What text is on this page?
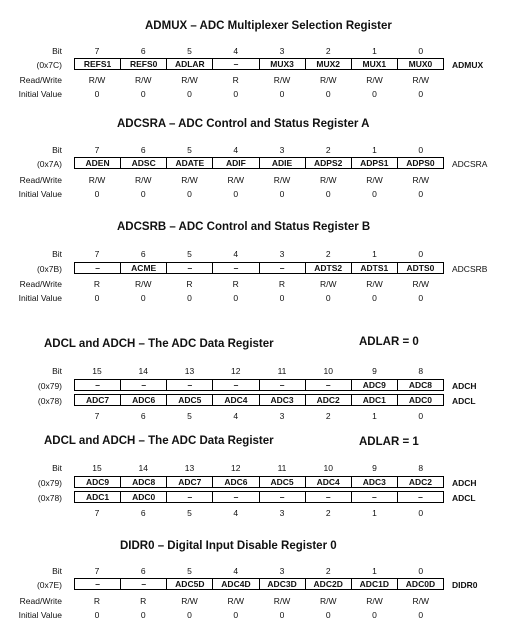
ADMUX – ADC Multiplexer Selection Register
Bit	7	6	5	4	3	2	1	0
(0x7C)	REFS1	REFS0	ADLAR	–	MUX3	MUX2	MUX1	MUX0	ADMUX
Read/Write	R/W	R/W	R/W	R	R/W	R/W	R/W	R/W
Initial Value	0	0	0	0	0	0	0	0
ADCSRA – ADC Control and Status Register A
Bit	7	6	5	4	3	2	1	0
(0x7A)	ADEN	ADSC	ADATE	ADIF	ADIE	ADPS2	ADPS1	ADPS0	ADCSRA
Read/Write	R/W	R/W	R/W	R/W	R/W	R/W	R/W	R/W
Initial Value	0	0	0	0	0	0	0	0
ADCSRB – ADC Control and Status Register B
Bit	7	6	5	4	3	2	1	0
(0x7B)	–	ACME	–	–	–	ADTS2	ADTS1	ADTS0	ADCSRB
Read/Write	R	R/W	R	R	R	R/W	R/W	R/W
Initial Value	0	0	0	0	0	0	0	0
ADCL and ADCH – The ADC Data Register	ADLAR = 0
Bit	15	14	13	12	11	10	9	8
(0x79)	–	–	–	–	–	–	ADC9	ADC8	ADCH
(0x78)	ADC7	ADC6	ADC5	ADC4	ADC3	ADC2	ADC1	ADC0	ADCL
7	6	5	4	3	2	1	0
ADCL and ADCH – The ADC Data Register	ADLAR = 1
Bit	15	14	13	12	11	10	9	8
(0x79)	ADC9	ADC8	ADC7	ADC6	ADC5	ADC4	ADC3	ADC2	ADCH
(0x78)	ADC1	ADC0	–	–	–	–	–	–	ADCL
7	6	5	4	3	2	1	0
DIDR0 – Digital Input Disable Register 0
Bit	7	6	5	4	3	2	1	0
(0x7E)	–	–	ADC5D	ADC4D	ADC3D	ADC2D	ADC1D	ADC0D	DIDR0
Read/Write	R	R	R/W	R/W	R/W	R/W	R/W	R/W
Initial Value	0	0	0	0	0	0	0	0
